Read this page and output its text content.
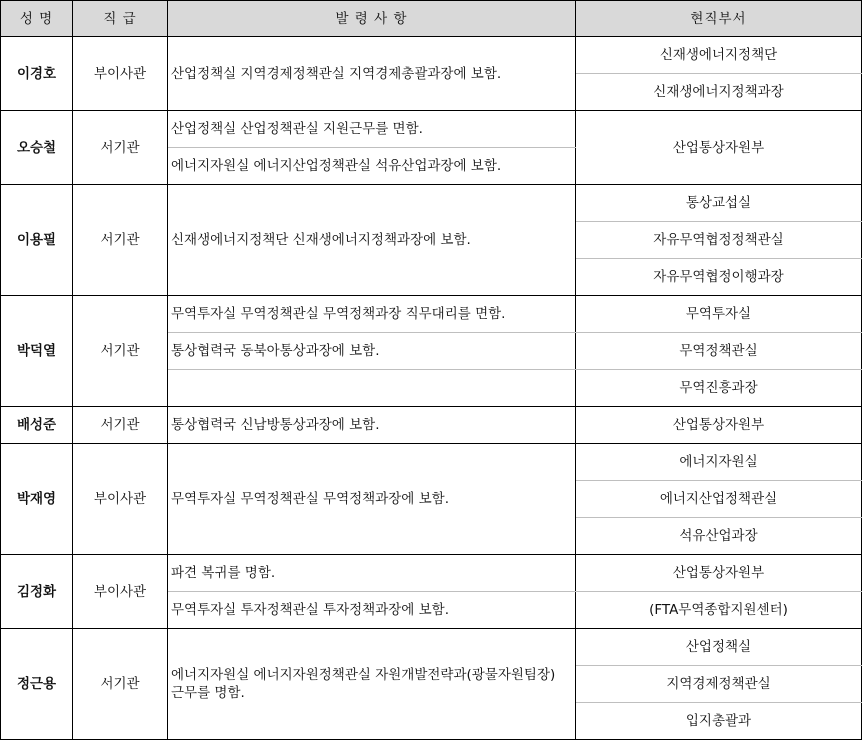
성 명	직 급	발 령 사 항	현직부서
이경호	부이사관	산업정책실 지역경제정책관실 지역경제총괄과장에 보함.	신재생에너지정책단
			신재생에너지정책과장
오승철	서기관	산업정책실 산업정책관실 지원근무를 면함.	산업통상자원부
		에너지자원실 에너지산업정책관실 석유산업과장에 보함.	
이용필	서기관	신재생에너지정책단 신재생에너지정책과장에 보함.	통상교섭실
			자유무역협정정책관실
			자유무역협정이행과장
박덕열	서기관	무역투자실 무역정책관실 무역정책과장 직무대리를 면함.	무역투자실
		통상협력국 동북아통상과장에 보함.	무역정책관실
			무역진흥과장
배성준	서기관	통상협력국 신남방통상과장에 보함.	산업통상자원부
박재영	부이사관	무역투자실 무역정책관실 무역정책과장에 보함.	에너지자원실
			에너지산업정책관실
			석유산업과장
김정화	부이사관	파견 복귀를 명함.	산업통상자원부
		무역투자실 투자정책관실 투자정책과장에 보함.	(FTA무역종합지원센터)
정근용	서기관	에너지자원실 에너지자원정책관실 자원개발전략과(광물자원팀장) 근무를 명함.	산업정책실
			지역경제정책관실
			입지총괄과
